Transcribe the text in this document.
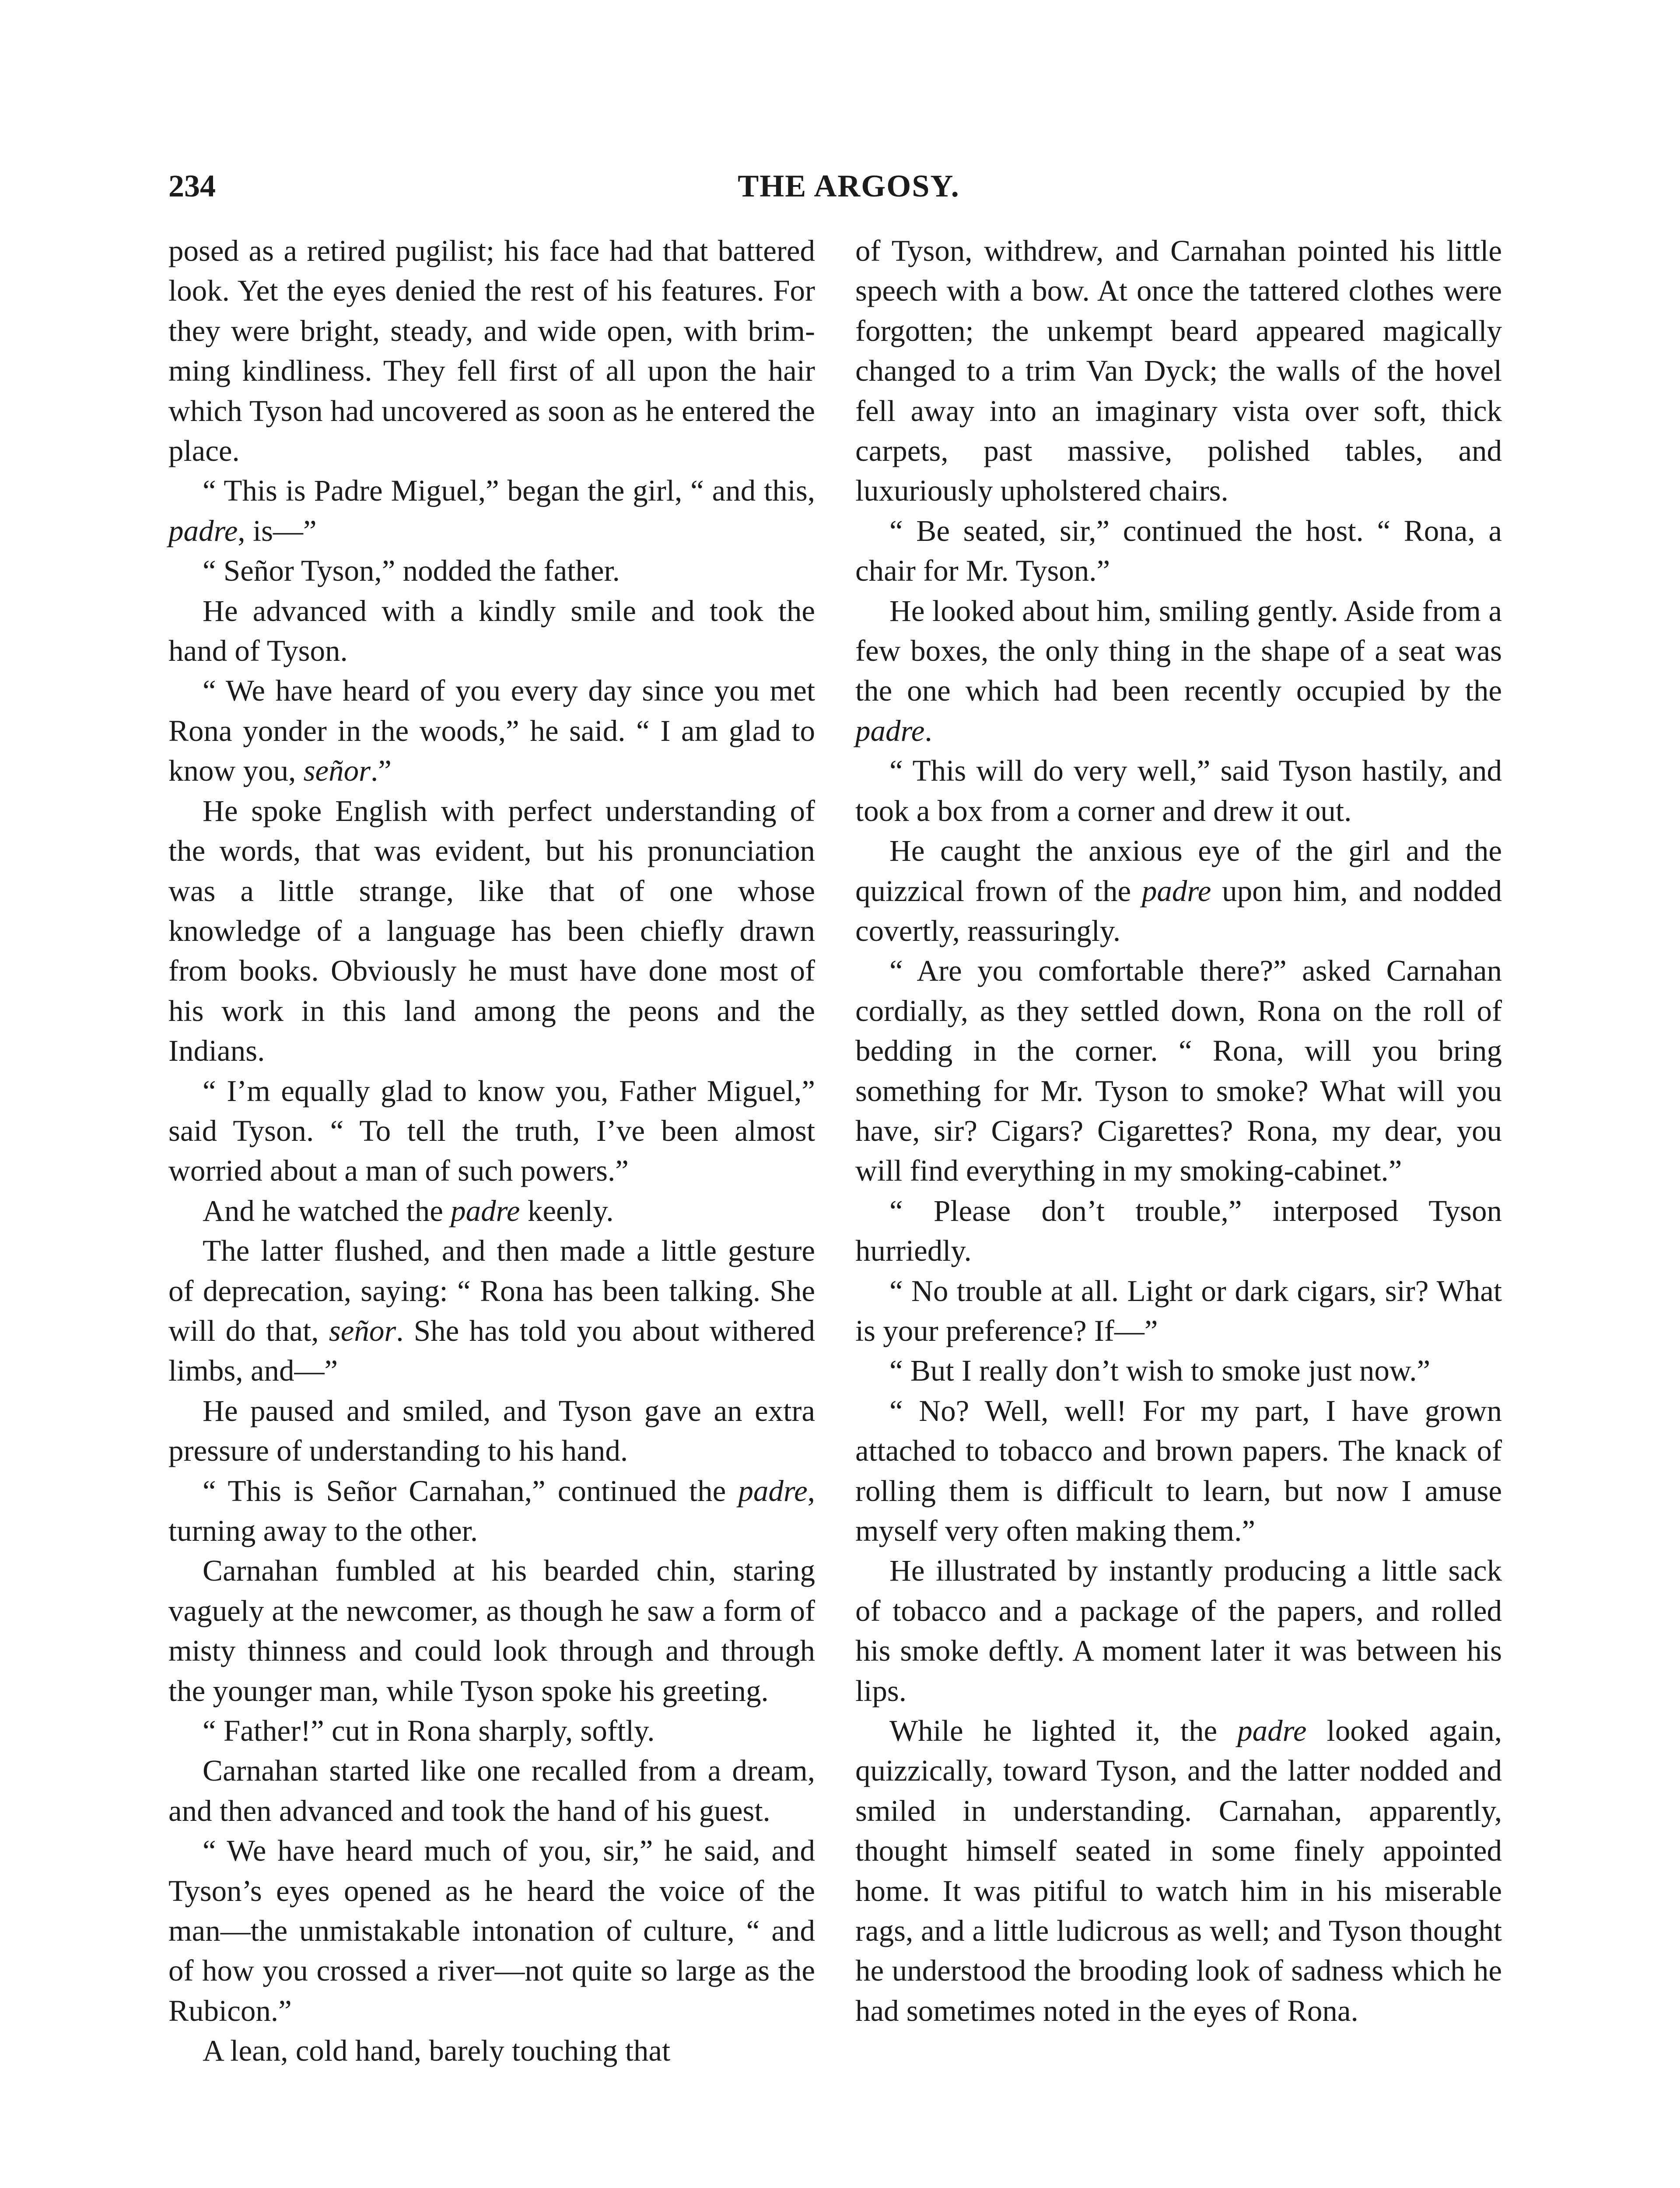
234	THE ARGOSY.

posed as a retired pugilist; his face had that battered look. Yet the eyes denied the rest of his features. For they were bright, steady, and wide open, with brimming kindliness. They fell first of all upon the hair which Tyson had uncovered as soon as he entered the place.

“ This is Padre Miguel,” began the girl, “ and this, padre, is—”

“ Señor Tyson,” nodded the father.

He advanced with a kindly smile and took the hand of Tyson.

“ We have heard of you every day since you met Rona yonder in the woods,” he said. “ I am glad to know you, señor.”

He spoke English with perfect understanding of the words, that was evident, but his pronunciation was a little strange, like that of one whose knowledge of a language has been chiefly drawn from books. Obviously he must have done most of his work in this land among the peons and the Indians.

“ I’m equally glad to know you, Father Miguel,” said Tyson. “ To tell the truth, I’ve been almost worried about a man of such powers.”

And he watched the padre keenly.

The latter flushed, and then made a little gesture of deprecation, saying: “ Rona has been talking. She will do that, señor. She has told you about withered limbs, and—”

He paused and smiled, and Tyson gave an extra pressure of understanding to his hand.

“ This is Señor Carnahan,” continued the padre, turning away to the other.

Carnahan fumbled at his bearded chin, staring vaguely at the newcomer, as though he saw a form of misty thinness and could look through and through the younger man, while Tyson spoke his greeting.

“ Father!” cut in Rona sharply, softly.

Carnahan started like one recalled from a dream, and then advanced and took the hand of his guest.

“ We have heard much of you, sir,” he said, and Tyson’s eyes opened as he heard the voice of the man—the unmistakable intonation of culture, “ and of how you crossed a river—not quite so large as the Rubicon.”

A lean, cold hand, barely touching that

of Tyson, withdrew, and Carnahan pointed his little speech with a bow. At once the tattered clothes were forgotten; the unkempt beard appeared magically changed to a trim Van Dyck; the walls of the hovel fell away into an imaginary vista over soft, thick carpets, past massive, polished tables, and luxuriously upholstered chairs.

“ Be seated, sir,” continued the host. “ Rona, a chair for Mr. Tyson.”

He looked about him, smiling gently. Aside from a few boxes, the only thing in the shape of a seat was the one which had been recently occupied by the padre.

“ This will do very well,” said Tyson hastily, and took a box from a corner and drew it out.

He caught the anxious eye of the girl and the quizzical frown of the padre upon him, and nodded covertly, reassuringly.

“ Are you comfortable there?” asked Carnahan cordially, as they settled down, Rona on the roll of bedding in the corner. “ Rona, will you bring something for Mr. Tyson to smoke? What will you have, sir? Cigars? Cigarettes? Rona, my dear, you will find everything in my smoking-cabinet.”

“ Please don’t trouble,” interposed Tyson hurriedly.

“ No trouble at all. Light or dark cigars, sir? What is your preference? If—”

“ But I really don’t wish to smoke just now.”

“ No? Well, well! For my part, I have grown attached to tobacco and brown papers. The knack of rolling them is difficult to learn, but now I amuse myself very often making them.”

He illustrated by instantly producing a little sack of tobacco and a package of the papers, and rolled his smoke deftly. A moment later it was between his lips.

While he lighted it, the padre looked again, quizzically, toward Tyson, and the latter nodded and smiled in understanding. Carnahan, apparently, thought himself seated in some finely appointed home. It was pitiful to watch him in his miserable rags, and a little ludicrous as well; and Tyson thought he understood the brooding look of sadness which he had sometimes noted in the eyes of Rona.
